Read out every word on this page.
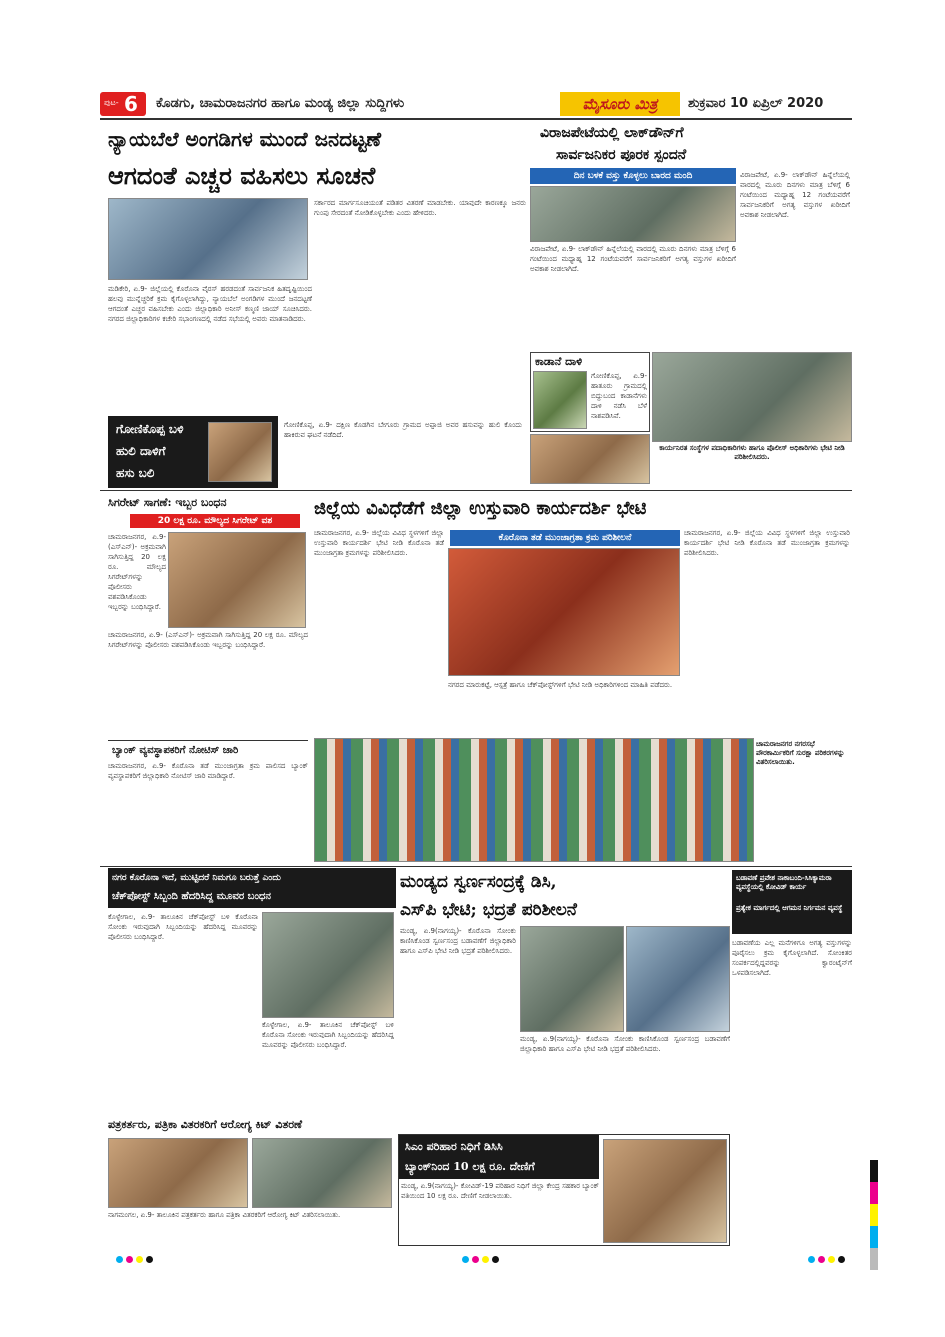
ಪುಟ- 6 ಕೊಡಗು, ಚಾಮರಾಜನಗರ ಹಾಗೂ ಮಂಡ್ಯ ಜಿಲ್ಲಾ ಸುದ್ದಿಗಳು	ಮೈಸೂರು ಮಿತ್ರ	ಶುಕ್ರವಾರ 10 ಏಪ್ರಿಲ್ 2020
ನ್ಯಾಯಬೆಲೆ ಅಂಗಡಿಗಳ ಮುಂದೆ ಜನದಟ್ಟಣೆ
ಆಗದಂತೆ ಎಚ್ಚರ ವಹಿಸಲು ಸೂಚನೆ
ವಿರಾಜಪೇಟೆಯಲ್ಲಿ ಲಾಕ್‌ಡೌನ್‌ಗೆ
ಸಾರ್ವಜನಿಕರ ಪೂರಕ ಸ್ಪಂದನೆ
ದಿನ ಬಳಕೆ ವಸ್ತು ಕೊಳ್ಳಲು ಬಾರದ ಮಂದಿ
ವಿರಾಜಪೇಟೆ, ಏ.9- ಲಾಕ್‌ಡೌನ್ ಹಿನ್ನೆಲೆಯಲ್ಲಿ ವಾರದಲ್ಲಿ ಮೂರು ದಿನಗಳು ಮಾತ್ರ ಬೆಳಿಗ್ಗೆ 6 ಗಂಟೆಯಿಂದ ಮಧ್ಯಾಹ್ನ 12 ಗಂಟೆಯವರೆಗೆ ಸಾರ್ವಜನಿಕರಿಗೆ ಅಗತ್ಯ ವಸ್ತುಗಳ ಖರೀದಿಗೆ ಅವಕಾಶ ನೀಡಲಾಗಿದೆ.
ವಿರಾಜಪೇಟೆ, ಏ.9- ಲಾಕ್‌ಡೌನ್ ಹಿನ್ನೆಲೆಯಲ್ಲಿ ವಾರದಲ್ಲಿ ಮೂರು ದಿನಗಳು ಮಾತ್ರ ಬೆಳಿಗ್ಗೆ 6 ಗಂಟೆಯಿಂದ ಮಧ್ಯಾಹ್ನ 12 ಗಂಟೆಯವರೆಗೆ ಸಾರ್ವಜನಿಕರಿಗೆ ಅಗತ್ಯ ವಸ್ತುಗಳ ಖರೀದಿಗೆ ಅವಕಾಶ ನೀಡಲಾಗಿದೆ.
ಮಡಿಕೇರಿ, ಏ.9- ಜಿಲ್ಲೆಯಲ್ಲಿ ಕೊರೊನಾ ವೈರಸ್ ಹರಡದಂತೆ ಸಾರ್ವಜನಿಕ ಹಿತದೃಷ್ಟಿಯಿಂದ ಹಲವು ಮುನ್ನೆಚ್ಚರಿಕೆ ಕ್ರಮ ಕೈಗೊಳ್ಳಲಾಗಿದ್ದು, ನ್ಯಾಯಬೆಲೆ ಅಂಗಡಿಗಳ ಮುಂದೆ ಜನದಟ್ಟಣೆ ಆಗದಂತೆ ಎಚ್ಚರ ವಹಿಸಬೇಕು ಎಂದು ಜಿಲ್ಲಾಧಿಕಾರಿ ಅನೀಸ್ ಕಣ್ಮಣಿ ಜಾಯ್ ಸೂಚಿಸಿದರು. ನಗರದ ಜಿಲ್ಲಾಧಿಕಾರಿಗಳ ಕಚೇರಿ ಸಭಾಂಗಣದಲ್ಲಿ ನಡೆದ ಸಭೆಯಲ್ಲಿ ಅವರು ಮಾತನಾಡಿದರು.
ಸರ್ಕಾರದ ಮಾರ್ಗಸೂಚಿಯಂತೆ ಪಡಿತರ ವಿತರಣೆ ಮಾಡಬೇಕು. ಯಾವುದೇ ಕಾರಣಕ್ಕೂ ಜನರು ಗುಂಪು ಸೇರದಂತೆ ನೋಡಿಕೊಳ್ಳಬೇಕು ಎಂದು ಹೇಳಿದರು.
ಕಾಡಾನೆ ದಾಳಿ
ಗೋಣಿಕೊಪ್ಪ, ಏ.9- ಹಾತೂರು ಗ್ರಾಮದಲ್ಲಿ ಬಿದ್ದುಬಂದ ಕಾಡಾನೆಗಳು ದಾಳಿ ನಡೆಸಿ ಬೆಳೆ ನಾಶಪಡಿಸಿವೆ.
ಕಾರ್ಯನಿರತ ಸಂಸ್ಥೆಗಳ ಪದಾಧಿಕಾರಿಗಳು ಹಾಗೂ ಪೊಲೀಸ್ ಅಧಿಕಾರಿಗಳು ಭೇಟಿ ನೀಡಿ ಪರಿಶೀಲಿಸಿದರು.
ಗೋಣಿಕೊಪ್ಪ ಬಳಿ
ಹುಲಿ ದಾಳಿಗೆ
ಹಸು ಬಲಿ
ಗೋಣಿಕೊಪ್ಪ, ಏ.9- ದಕ್ಷಿಣ ಕೊಡಗಿನ ಬೇಗೂರು ಗ್ರಾಮದ ಅಪ್ಪಾಜಿ ಅವರ ಹಸುವನ್ನು ಹುಲಿ ಕೊಂದು ಹಾಕಿರುವ ಘಟನೆ ನಡೆದಿದೆ.
ಸಿಗರೇಟ್ ಸಾಗಣೆ: ಇಬ್ಬರ ಬಂಧನ
20 ಲಕ್ಷ ರೂ. ಮೌಲ್ಯದ ಸಿಗರೇಟ್ ವಶ
ಚಾಮರಾಜನಗರ, ಏ.9- (ಎಸ್‌ಎನ್)- ಅಕ್ರಮವಾಗಿ ಸಾಗಿಸುತ್ತಿದ್ದ 20 ಲಕ್ಷ ರೂ. ಮೌಲ್ಯದ ಸಿಗರೇಟ್‌ಗಳನ್ನು ಪೊಲೀಸರು ವಶಪಡಿಸಿಕೊಂಡು ಇಬ್ಬರನ್ನು ಬಂಧಿಸಿದ್ದಾರೆ.
ಚಾಮರಾಜನಗರ, ಏ.9- (ಎಸ್‌ಎನ್)- ಅಕ್ರಮವಾಗಿ ಸಾಗಿಸುತ್ತಿದ್ದ 20 ಲಕ್ಷ ರೂ. ಮೌಲ್ಯದ ಸಿಗರೇಟ್‌ಗಳನ್ನು ಪೊಲೀಸರು ವಶಪಡಿಸಿಕೊಂಡು ಇಬ್ಬರನ್ನು ಬಂಧಿಸಿದ್ದಾರೆ.
ಬ್ಯಾಂಕ್ ವ್ಯವಸ್ಥಾಪಕರಿಗೆ ನೋಟಿಸ್ ಜಾರಿ
ಚಾಮರಾಜನಗರ, ಏ.9- ಕೊರೊನಾ ತಡೆ ಮುಂಜಾಗ್ರತಾ ಕ್ರಮ ಪಾಲಿಸದ ಬ್ಯಾಂಕ್ ವ್ಯವಸ್ಥಾಪಕರಿಗೆ ಜಿಲ್ಲಾಧಿಕಾರಿ ನೋಟಿಸ್ ಜಾರಿ ಮಾಡಿದ್ದಾರೆ.
ಜಿಲ್ಲೆಯ ವಿವಿಧೆಡೆಗೆ ಜಿಲ್ಲಾ ಉಸ್ತುವಾರಿ ಕಾರ್ಯದರ್ಶಿ ಭೇಟಿ
ಕೊರೊನಾ ತಡೆ ಮುಂಜಾಗ್ರತಾ ಕ್ರಮ ಪರಿಶೀಲನೆ
ಚಾಮರಾಜನಗರ, ಏ.9- ಜಿಲ್ಲೆಯ ವಿವಿಧ ಸ್ಥಳಗಳಿಗೆ ಜಿಲ್ಲಾ ಉಸ್ತುವಾರಿ ಕಾರ್ಯದರ್ಶಿ ಭೇಟಿ ನೀಡಿ ಕೊರೊನಾ ತಡೆ ಮುಂಜಾಗ್ರತಾ ಕ್ರಮಗಳನ್ನು ಪರಿಶೀಲಿಸಿದರು.
ನಗರದ ಮಾರುಕಟ್ಟೆ, ಆಸ್ಪತ್ರೆ ಹಾಗೂ ಚೆಕ್‌ಪೋಸ್ಟ್‌ಗಳಿಗೆ ಭೇಟಿ ನೀಡಿ ಅಧಿಕಾರಿಗಳಿಂದ ಮಾಹಿತಿ ಪಡೆದರು.
ಚಾಮರಾಜನಗರ, ಏ.9- ಜಿಲ್ಲೆಯ ವಿವಿಧ ಸ್ಥಳಗಳಿಗೆ ಜಿಲ್ಲಾ ಉಸ್ತುವಾರಿ ಕಾರ್ಯದರ್ಶಿ ಭೇಟಿ ನೀಡಿ ಕೊರೊನಾ ತಡೆ ಮುಂಜಾಗ್ರತಾ ಕ್ರಮಗಳನ್ನು ಪರಿಶೀಲಿಸಿದರು.
ಚಾಮರಾಜನಗರ ನಗರಸಭೆ ಪೌರಕಾರ್ಮಿಕರಿಗೆ ಸುರಕ್ಷಾ ಪರಿಕರಗಳನ್ನು ವಿತರಿಸಲಾಯಿತು.
ನಗರ ಕೊರೊನಾ ಇದೆ, ಮುಟ್ಟಿದರೆ ನಿಮಗೂ ಬರುತ್ತೆ ಎಂದು
ಚೆಕ್‌ಪೋಸ್ಟ್ ಸಿಬ್ಬಂದಿ ಹೆದರಿಸಿದ್ದ ಮೂವರ ಬಂಧನ
ಕೊಳ್ಳೇಗಾಲ, ಏ.9- ತಾಲೂಕಿನ ಚೆಕ್‌ಪೋಸ್ಟ್ ಬಳಿ ಕೊರೊನಾ ಸೋಂಕು ಇರುವುದಾಗಿ ಸಿಬ್ಬಂದಿಯನ್ನು ಹೆದರಿಸಿದ್ದ ಮೂವರನ್ನು ಪೊಲೀಸರು ಬಂಧಿಸಿದ್ದಾರೆ.
ಕೊಳ್ಳೇಗಾಲ, ಏ.9- ತಾಲೂಕಿನ ಚೆಕ್‌ಪೋಸ್ಟ್ ಬಳಿ ಕೊರೊನಾ ಸೋಂಕು ಇರುವುದಾಗಿ ಸಿಬ್ಬಂದಿಯನ್ನು ಹೆದರಿಸಿದ್ದ ಮೂವರನ್ನು ಪೊಲೀಸರು ಬಂಧಿಸಿದ್ದಾರೆ.
ಮಂಡ್ಯದ ಸ್ವರ್ಣಸಂದ್ರಕ್ಕೆ ಡಿಸಿ,
ಎಸ್‌ಪಿ ಭೇಟಿ; ಭದ್ರತೆ ಪರಿಶೀಲನೆ
ಮಂಡ್ಯ, ಏ.9(ನಾಗಯ್ಯ)- ಕೊರೊನಾ ಸೋಂಕು ಕಾಣಿಸಿಕೊಂಡ ಸ್ವರ್ಣಸಂದ್ರ ಬಡಾವಣೆಗೆ ಜಿಲ್ಲಾಧಿಕಾರಿ ಹಾಗೂ ಎಸ್‌ಪಿ ಭೇಟಿ ನೀಡಿ ಭದ್ರತೆ ಪರಿಶೀಲಿಸಿದರು.
ಮಂಡ್ಯ, ಏ.9(ನಾಗಯ್ಯ)- ಕೊರೊನಾ ಸೋಂಕು ಕಾಣಿಸಿಕೊಂಡ ಸ್ವರ್ಣಸಂದ್ರ ಬಡಾವಣೆಗೆ ಜಿಲ್ಲಾಧಿಕಾರಿ ಹಾಗೂ ಎಸ್‌ಪಿ ಭೇಟಿ ನೀಡಿ ಭದ್ರತೆ ಪರಿಶೀಲಿಸಿದರು.
ಬಡಾವಣೆ ಪ್ರವೇಶ ನಾಕಾಬಂದಿ-ಸಿಸಿಕ್ಯಾಮರಾ ವ್ಯವಸ್ಥೆಯಲ್ಲಿ ಕೋವಿಡ್ ಕಾರ್ಯ
ಪ್ರತ್ಯೇಕ ಮಾರ್ಗದಲ್ಲಿ ಆಗಮನ ನಿರ್ಗಮನ ವ್ಯವಸ್ಥೆ
ಬಡಾವಣೆಯ ಎಲ್ಲ ಮನೆಗಳಿಗೂ ಅಗತ್ಯ ವಸ್ತುಗಳನ್ನು ಪೂರೈಸಲು ಕ್ರಮ ಕೈಗೊಳ್ಳಲಾಗಿದೆ. ಸೋಂಕಿತರ ಸಂಪರ್ಕದಲ್ಲಿದ್ದವರನ್ನು ಕ್ವಾರಂಟೈನ್‌ಗೆ ಒಳಪಡಿಸಲಾಗಿದೆ.
ಪತ್ರಕರ್ತರು, ಪತ್ರಿಕಾ ವಿತರಕರಿಗೆ ಆರೋಗ್ಯ ಕಿಟ್ ವಿತರಣೆ
ನಾಗಮಂಗಲ, ಏ.9- ತಾಲೂಕಿನ ಪತ್ರಕರ್ತರು ಹಾಗೂ ಪತ್ರಿಕಾ ವಿತರಕರಿಗೆ ಆರೋಗ್ಯ ಕಿಟ್ ವಿತರಿಸಲಾಯಿತು.
ಸಿಎಂ ಪರಿಹಾರ ನಿಧಿಗೆ ಡಿಸಿಸಿ
ಬ್ಯಾಂಕ್‌ನಿಂದ 10 ಲಕ್ಷ ರೂ. ದೇಣಿಗೆ
ಮಂಡ್ಯ, ಏ.9(ನಾಗಯ್ಯ)- ಕೋವಿಡ್-19 ಪರಿಹಾರ ನಿಧಿಗೆ ಜಿಲ್ಲಾ ಕೇಂದ್ರ ಸಹಕಾರ ಬ್ಯಾಂಕ್ ವತಿಯಿಂದ 10 ಲಕ್ಷ ರೂ. ದೇಣಿಗೆ ನೀಡಲಾಯಿತು.
